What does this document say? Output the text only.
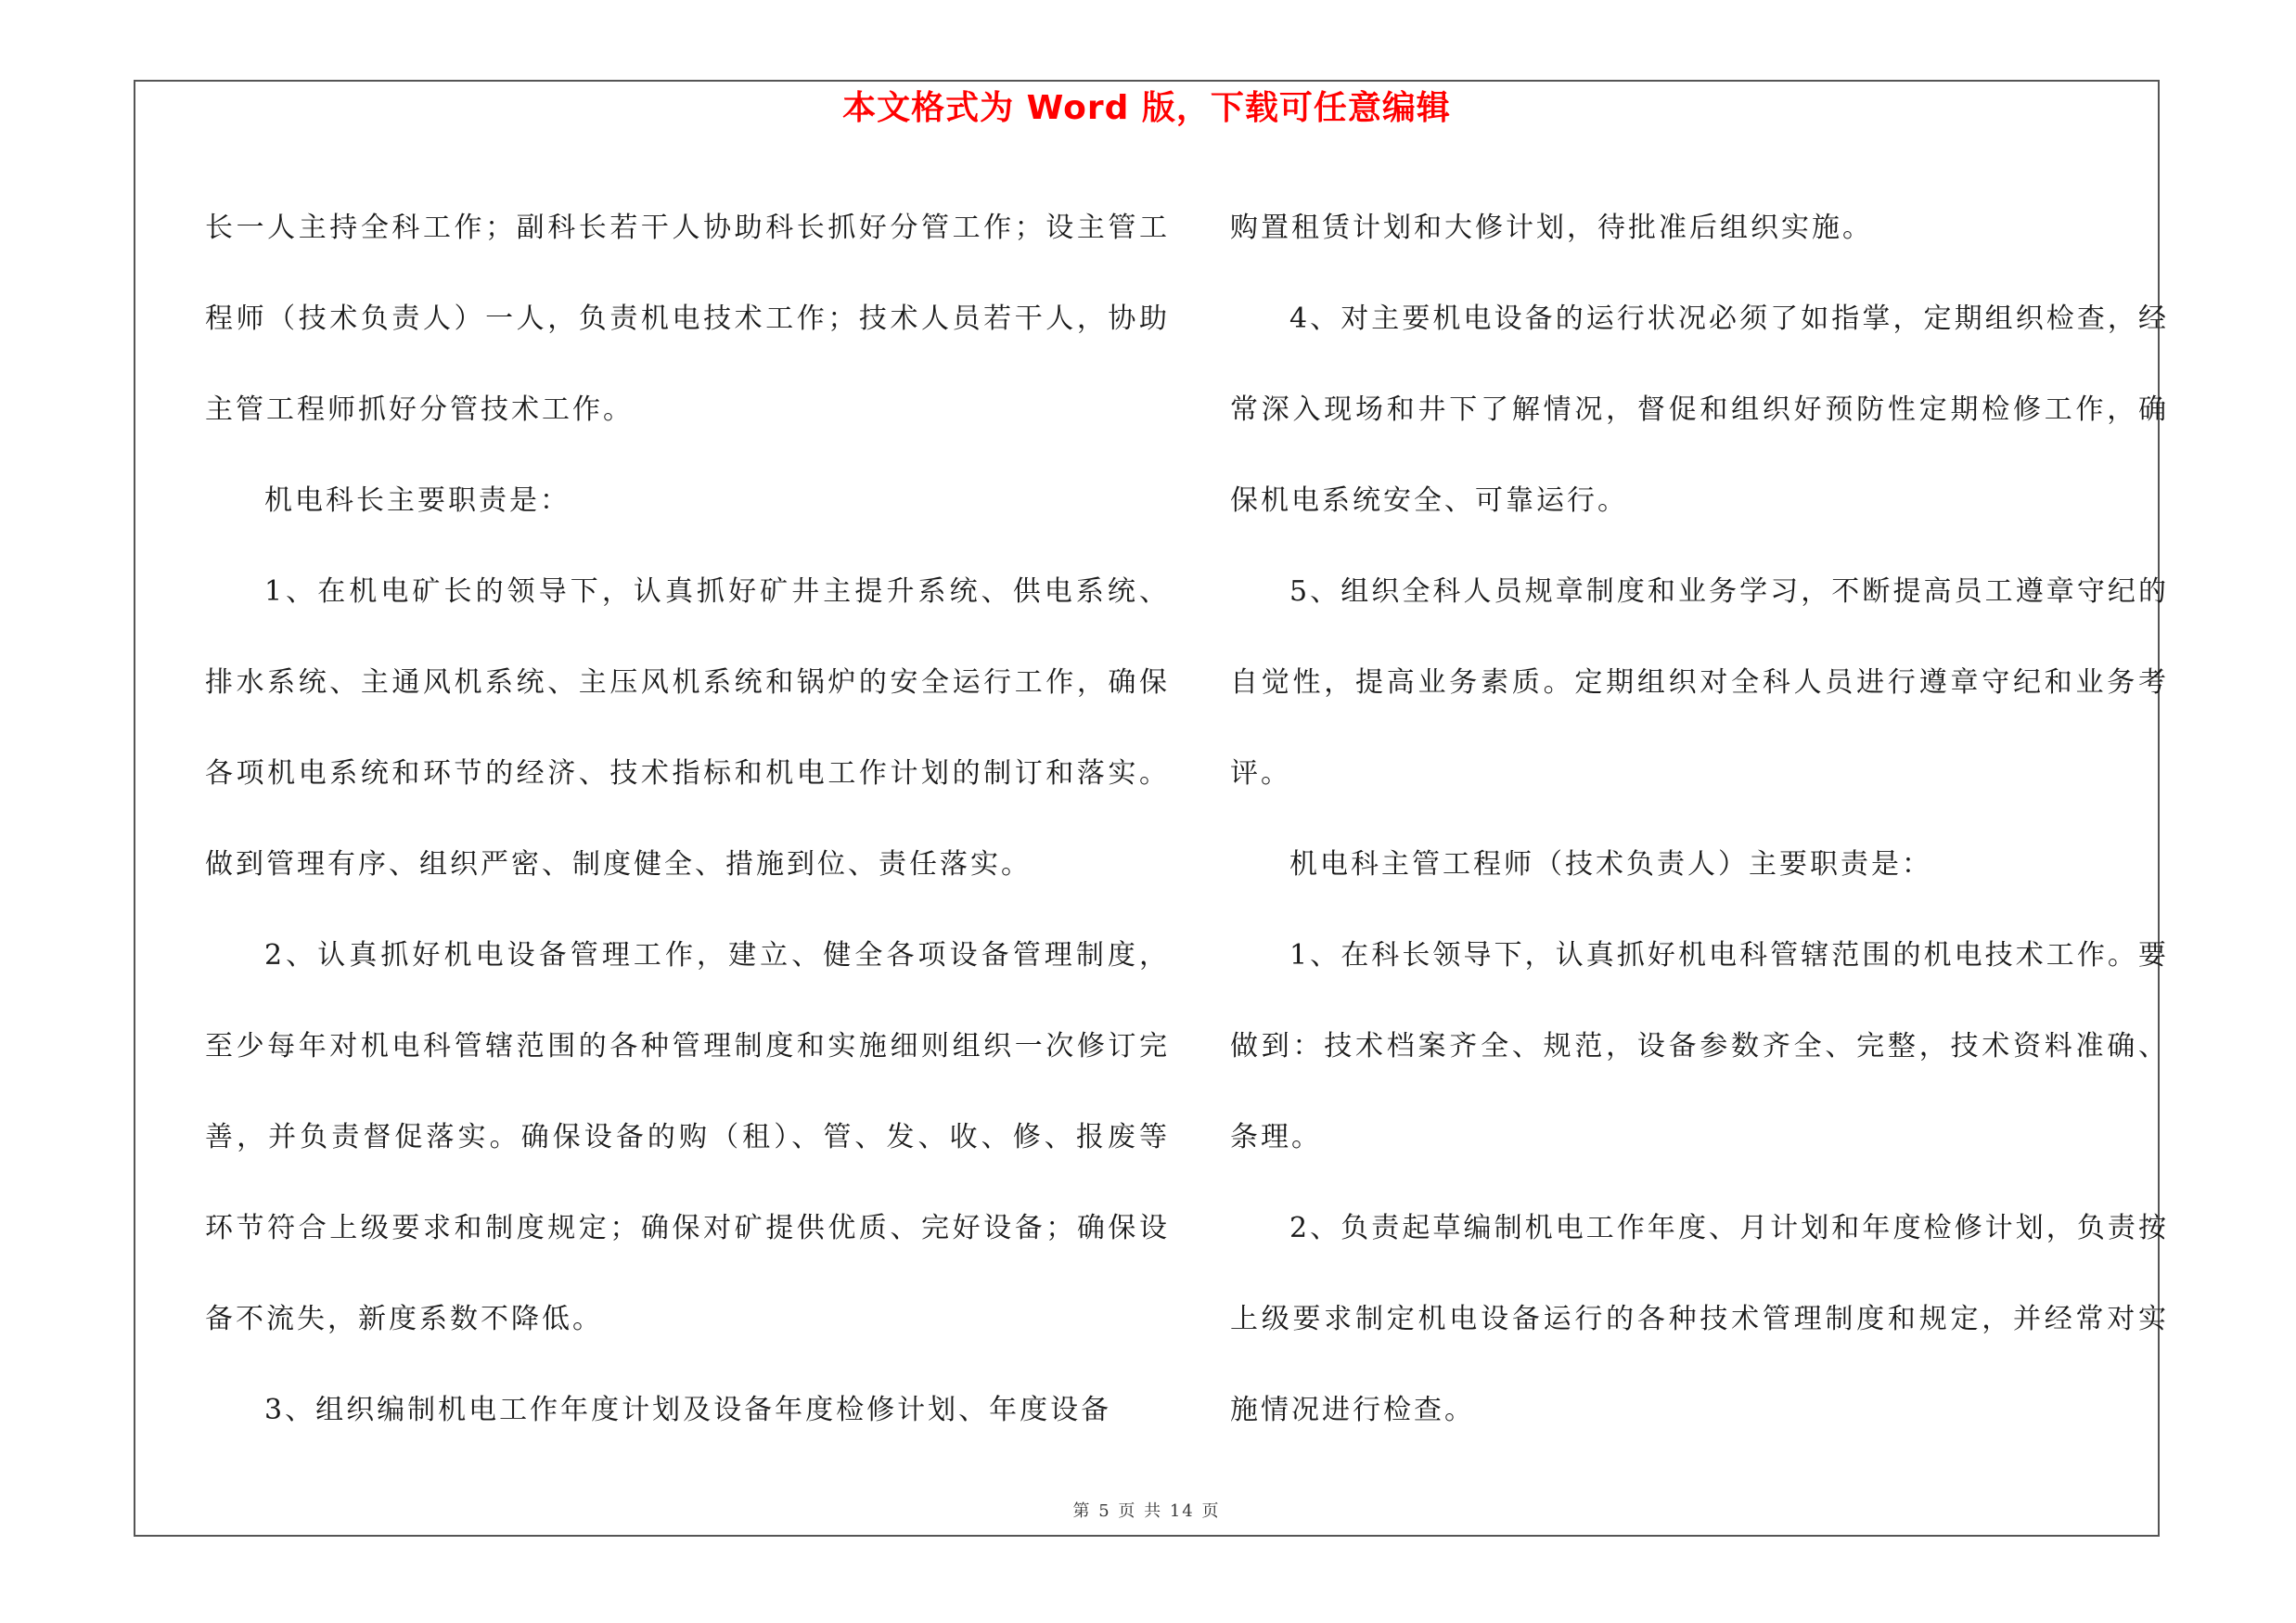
本文格式为 Word 版，下载可任意编辑

长一人主持全科工作；副科长若干人协助科长抓好分管工作；设主管工程师（技术负责人）一人，负责机电技术工作；技术人员若干人，协助主管工程师抓好分管技术工作。

机电科长主要职责是：

1、在机电矿长的领导下，认真抓好矿井主提升系统、供电系统、排水系统、主通风机系统、主压风机系统和锅炉的安全运行工作，确保各项机电系统和环节的经济、技术指标和机电工作计划的制订和落实。做到管理有序、组织严密、制度健全、措施到位、责任落实。

2、认真抓好机电设备管理工作，建立、健全各项设备管理制度，至少每年对机电科管辖范围的各种管理制度和实施细则组织一次修订完善，并负责督促落实。确保设备的购（租）、管、发、收、修、报废等环节符合上级要求和制度规定；确保对矿提供优质、完好设备；确保设备不流失，新度系数不降低。

3、组织编制机电工作年度计划及设备年度检修计划、年度设备

购置租赁计划和大修计划，待批准后组织实施。

4、对主要机电设备的运行状况必须了如指掌，定期组织检查，经常深入现场和井下了解情况，督促和组织好预防性定期检修工作，确保机电系统安全、可靠运行。

5、组织全科人员规章制度和业务学习，不断提高员工遵章守纪的自觉性，提高业务素质。定期组织对全科人员进行遵章守纪和业务考评。

机电科主管工程师（技术负责人）主要职责是：

1、在科长领导下，认真抓好机电科管辖范围的机电技术工作。要做到：技术档案齐全、规范，设备参数齐全、完整，技术资料准确、条理。

2、负责起草编制机电工作年度、月计划和年度检修计划，负责按上级要求制定机电设备运行的各种技术管理制度和规定，并经常对实施情况进行检查。

第 5 页 共 14 页
